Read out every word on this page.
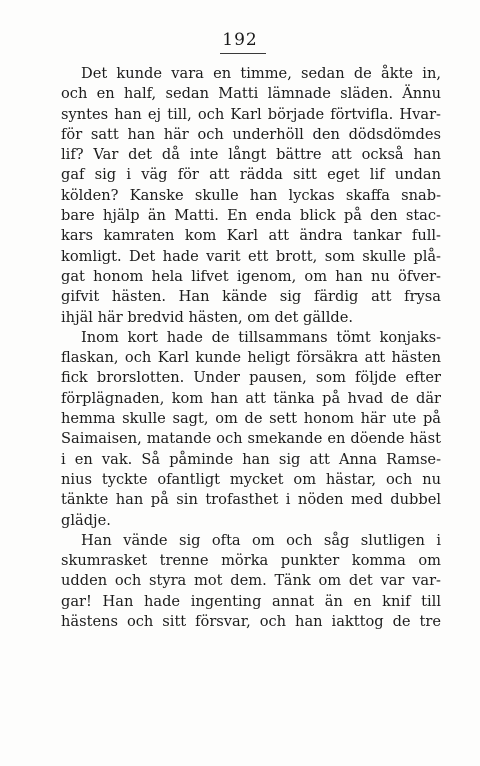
192

Det kunde vara en timme, sedan de åkte in,
och en half, sedan Matti lämnade släden. Ännu
syntes han ej till, och Karl började förtvifla. Hvar-
för satt han här och underhöll den dödsdömdes
lif? Var det då inte långt bättre att också han
gaf sig i väg för att rädda sitt eget lif undan
kölden? Kanske skulle han lyckas skaffa snab-
bare hjälp än Matti. En enda blick på den stac-
kars kamraten kom Karl att ändra tankar full-
komligt. Det hade varit ett brott, som skulle plå-
gat honom hela lifvet igenom, om han nu öfver-
gifvit hästen. Han kände sig färdig att frysa
ihjäl här bredvid hästen, om det gällde.

Inom kort hade de tillsammans tömt konjaks-
flaskan, och Karl kunde heligt försäkra att hästen
fick brorslotten. Under pausen, som följde efter
förplägnaden, kom han att tänka på hvad de där
hemma skulle sagt, om de sett honom här ute på
Saimaisen, matande och smekande en döende häst
i en vak. Så påminde han sig att Anna Ramse-
nius tyckte ofantligt mycket om hästar, och nu
tänkte han på sin trofasthet i nöden med dubbel
glädje.

Han vände sig ofta om och såg slutligen i
skumrasket trenne mörka punkter komma om
udden och styra mot dem. Tänk om det var var-
gar! Han hade ingenting annat än en knif till
hästens och sitt försvar, och han iakttog de tre
